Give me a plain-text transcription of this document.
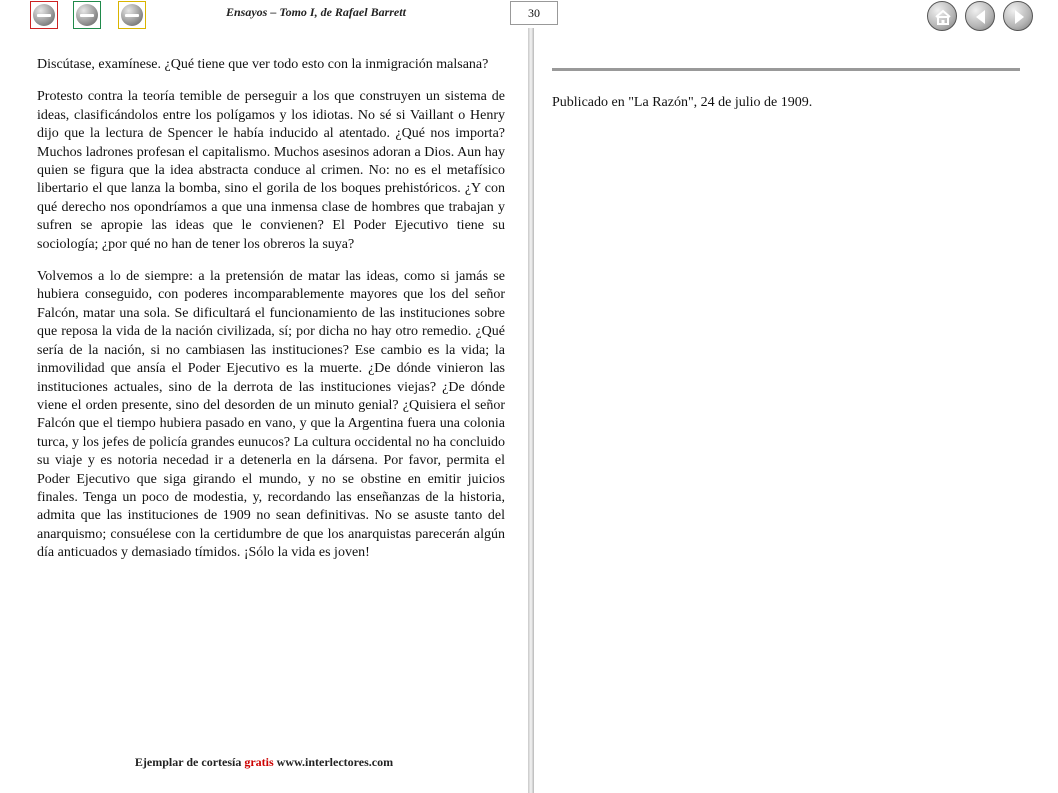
Ensayos – Tomo I, de Rafael Barrett	30

Discútase, examínese. ¿Qué tiene que ver todo esto con la inmigración malsana?

Protesto contra la teoría temible de perseguir a los que construyen un sistema de ideas, clasificándolos entre los polígamos y los idiotas. No sé si Vaillant o Henry dijo que la lectura de Spencer le había inducido al atentado. ¿Qué nos importa? Muchos ladrones profesan el capitalismo. Muchos asesinos adoran a Dios. Aun hay quien se figura que la idea abstracta conduce al crimen. No: no es el metafísico libertario el que lanza la bomba, sino el gorila de los boques prehistóricos. ¿Y con qué derecho nos opondríamos a que una inmensa clase de hombres que trabajan y sufren se apropie las ideas que le convienen? El Poder Ejecutivo tiene su sociología; ¿por qué no han de tener los obreros la suya?

Volvemos a lo de siempre: a la pretensión de matar las ideas, como si jamás se hubiera conseguido, con poderes incomparablemente mayores que los del señor Falcón, matar una sola. Se dificultará el funcionamiento de las instituciones sobre que reposa la vida de la nación civilizada, sí; por dicha no hay otro remedio. ¿Qué sería de la nación, si no cambiasen las instituciones? Ese cambio es la vida; la inmovilidad que ansía el Poder Ejecutivo es la muerte. ¿De dónde vinieron las instituciones actuales, sino de la derrota de las instituciones viejas? ¿De dónde viene el orden presente, sino del desorden de un minuto genial? ¿Quisiera el señor Falcón que el tiempo hubiera pasado en vano, y que la Argentina fuera una colonia turca, y los jefes de policía grandes eunucos? La cultura occidental no ha concluido su viaje y es notoria necedad ir a detenerla en la dársena. Por favor, permita el Poder Ejecutivo que siga girando el mundo, y no se obstine en emitir juicios finales. Tenga un poco de modestia, y, recordando las enseñanzas de la historia, admita que las instituciones de 1909 no sean definitivas. No se asuste tanto del anarquismo; consuélese con la certidumbre de que los anarquistas parecerán algún día anticuados y demasiado tímidos. ¡Sólo la vida es joven!

Publicado en "La Razón", 24 de julio de 1909.
Ejemplar de cortesía gratis www.interlectores.com
